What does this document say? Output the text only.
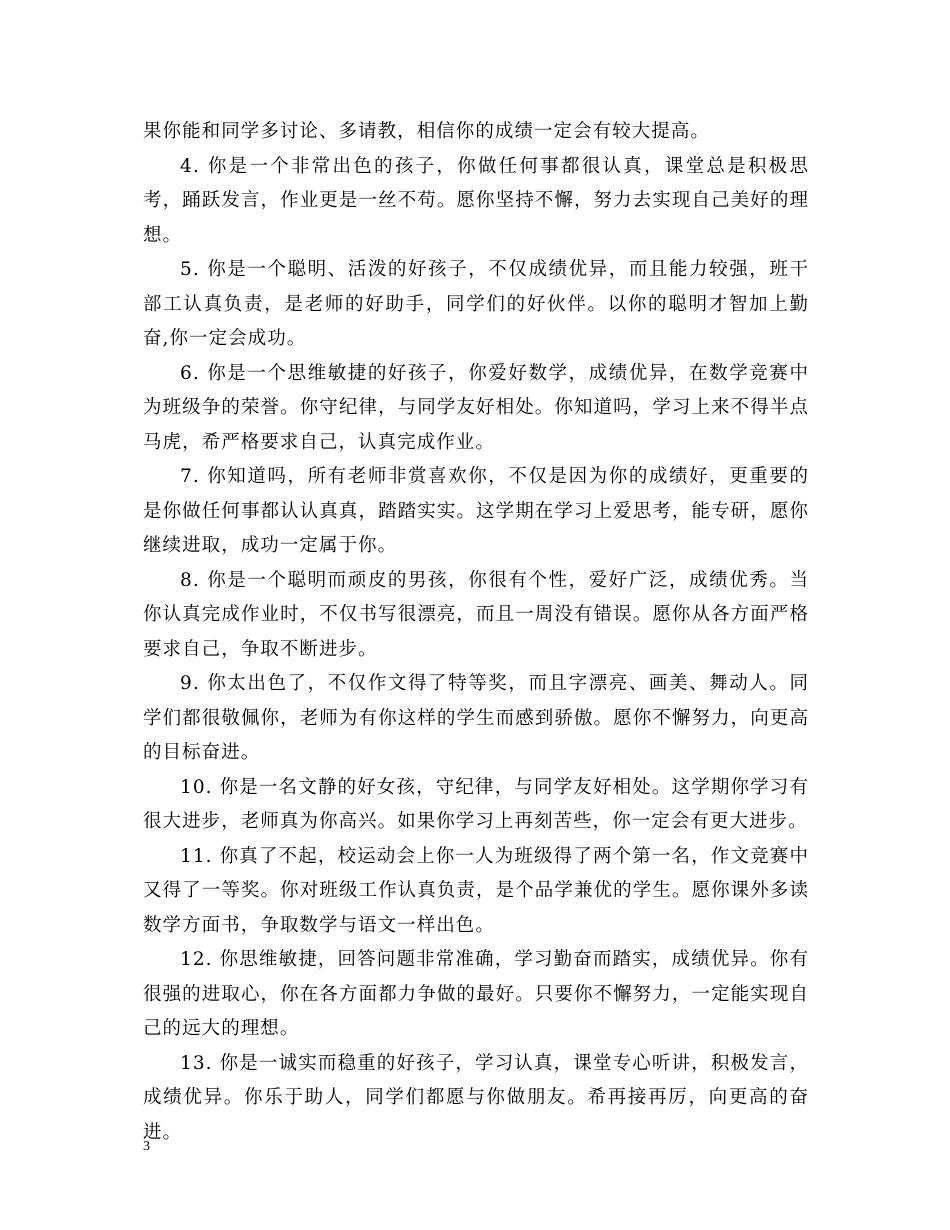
果你能和同学多讨论、多请教，相信你的成绩一定会有较大提高。

4. 你是一个非常出色的孩子，你做任何事都很认真，课堂总是积极思考，踊跃发言，作业更是一丝不苟。愿你坚持不懈，努力去实现自己美好的理想。

5. 你是一个聪明、活泼的好孩子，不仅成绩优异，而且能力较强，班干部工认真负责，是老师的好助手，同学们的好伙伴。以你的聪明才智加上勤奋,你一定会成功。

6. 你是一个思维敏捷的好孩子，你爱好数学，成绩优异，在数学竞赛中为班级争的荣誉。你守纪律，与同学友好相处。你知道吗，学习上来不得半点马虎，希严格要求自己，认真完成作业。

7. 你知道吗，所有老师非赏喜欢你，不仅是因为你的成绩好，更重要的是你做任何事都认认真真，踏踏实实。这学期在学习上爱思考，能专研，愿你继续进取，成功一定属于你。

8. 你是一个聪明而顽皮的男孩，你很有个性，爱好广泛，成绩优秀。当你认真完成作业时，不仅书写很漂亮，而且一周没有错误。愿你从各方面严格要求自己，争取不断进步。

9. 你太出色了，不仅作文得了特等奖，而且字漂亮、画美、舞动人。同学们都很敬佩你，老师为有你这样的学生而感到骄傲。愿你不懈努力，向更高的目标奋进。

10. 你是一名文静的好女孩，守纪律，与同学友好相处。这学期你学习有很大进步，老师真为你高兴。如果你学习上再刻苦些，你一定会有更大进步。

11. 你真了不起，校运动会上你一人为班级得了两个第一名，作文竞赛中又得了一等奖。你对班级工作认真负责，是个品学兼优的学生。愿你课外多读数学方面书，争取数学与语文一样出色。

12. 你思维敏捷，回答问题非常准确，学习勤奋而踏实，成绩优异。你有很强的进取心，你在各方面都力争做的最好。只要你不懈努力，一定能实现自己的远大的理想。

13. 你是一诚实而稳重的好孩子，学习认真，课堂专心听讲，积极发言，成绩优异。你乐于助人，同学们都愿与你做朋友。希再接再厉，向更高的奋进。

3
